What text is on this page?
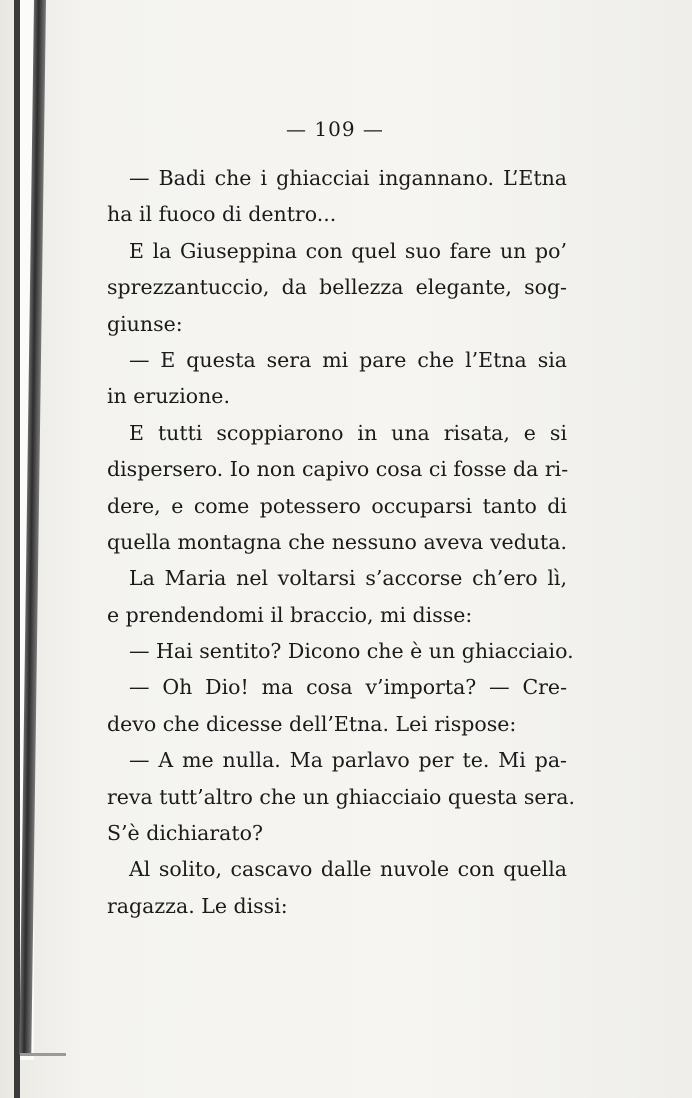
— 109 —
— Badi che i ghiacciai ingannano. L’Etna
ha il fuoco di dentro...
E la Giuseppina con quel suo fare un po’
sprezzantuccio, da bellezza elegante, sog-
giunse:
— E questa sera mi pare che l’Etna sia
in eruzione.
E tutti scoppiarono in una risata, e si
dispersero. Io non capivo cosa ci fosse da ri-
dere, e come potessero occuparsi tanto di
quella montagna che nessuno aveva veduta.
La Maria nel voltarsi s’accorse ch’ero lì,
e prendendomi il braccio, mi disse:
— Hai sentito? Dicono che è un ghiacciaio.
— Oh Dio! ma cosa v’importa? — Cre-
devo che dicesse dell’Etna. Lei rispose:
— A me nulla. Ma parlavo per te. Mi pa-
reva tutt’altro che un ghiacciaio questa sera.
S’è dichiarato?
Al solito, cascavo dalle nuvole con quella
ragazza. Le dissi:
